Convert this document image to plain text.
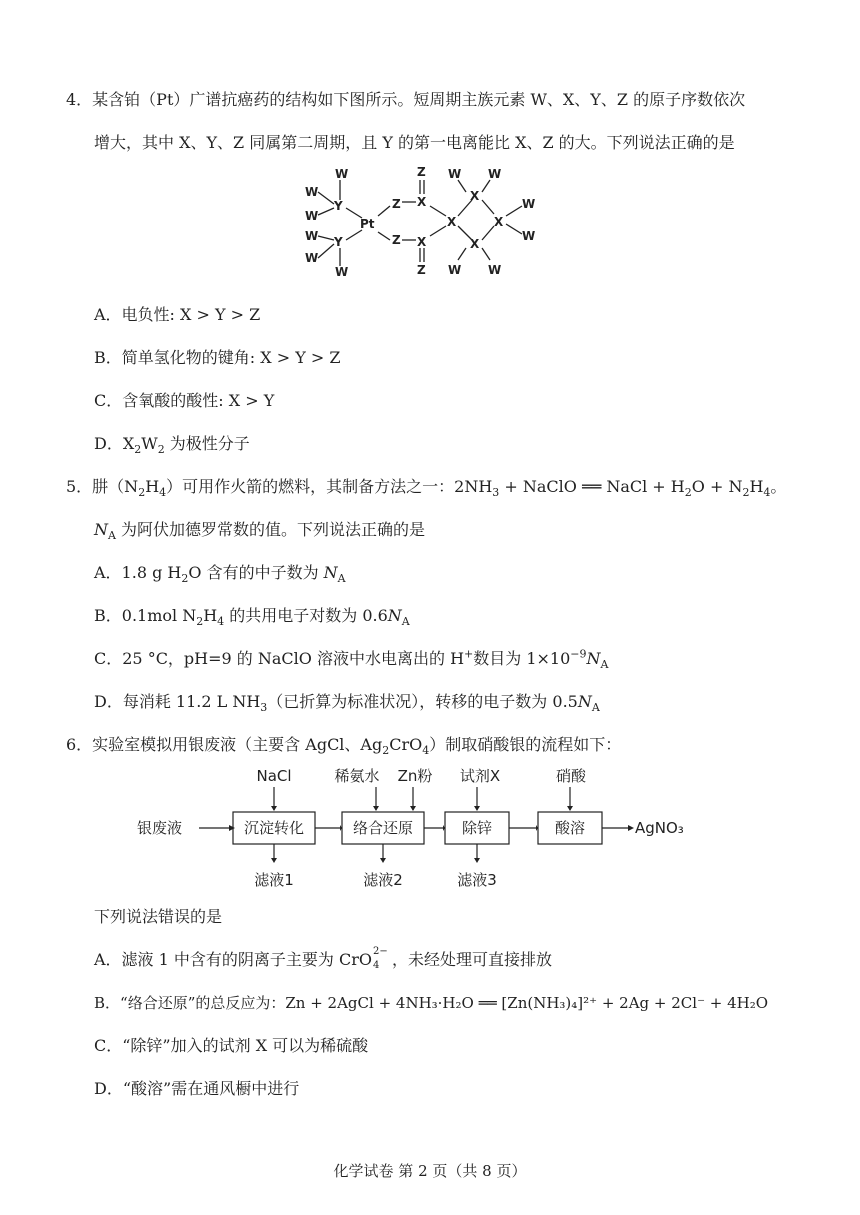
4．某含铂（Pt）广谱抗癌药的结构如下图所示。短周期主族元素 W、X、Y、Z 的原子序数依次
增大，其中 X、Y、Z 同属第二周期，且 Y 的第一电离能比 X、Z 的大。下列说法正确的是
W
W
W
Y
W
W
Y
W
Pt
Z
Z
Z
X
X
Z
X
X
X
X
W W
W W
W
W
A．电负性: X > Y > Z
B．简单氢化物的键角: X > Y > Z
C．含氧酸的酸性: X > Y
D．$X_2W_2$ 为极性分子
5．肼$(N_2H_4)$可用作火箭的燃料，其制备方法之一：$2NH_3$ + NaClO ══ NaCl + $H_2O + N_2H_4$。
$N_A$ 为阿伏加德罗常数的值。下列说法正确的是
A．1.8 g $H_2O$ 含有的中子数为 $N_A$
B．0.1mol $N_2H_4$ 的共用电子对数为 $0.6N_A$
C．25 °C，pH=9 的 NaClO 溶液中水电离出的 H+数目为 $1\times 10^{-9}N_A$
D．每消耗 11.2 L $NH_3$（已折算为标准状况），转移的电子数为 $0.5N_A$
6．实验室模拟用银废液（主要含 AgCl、$Ag_2CrO_4$）制取硝酸银的流程如下：
NaCl	稀氨水 Zn粉 试剂X	硝酸
银废液	沉淀转化	络合还原	除锌	酸溶	AgNO₃
滤液1	滤液2	滤液3
下列说法错误的是
A．滤液 1 中含有的阴离子主要为 CrO 2−
4 ，未经处理可直接排放
B．“络合还原”的总反应为：Zn + 2AgCl + 4NH₃·H₂O ══ [Zn(NH₃)₄]²⁺ + 2Ag + 2Cl⁻ + 4H₂O
C．“除锌”加入的试剂 X 可以为稀硫酸
D．“酸溶”需在通风橱中进行
化学试卷 第 2 页（共 8 页）
